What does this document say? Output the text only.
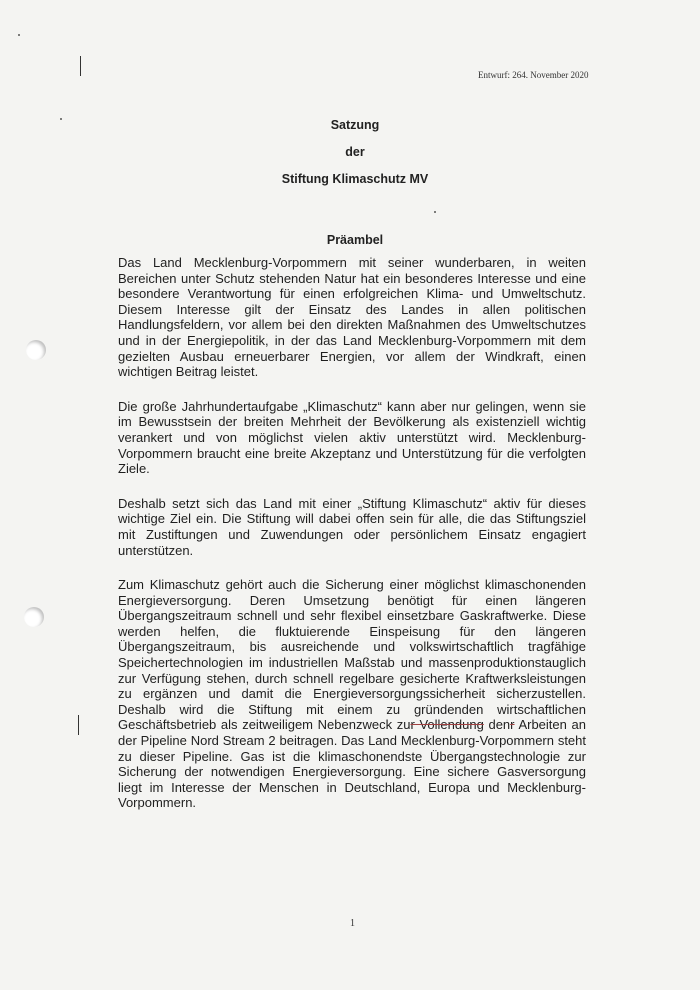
Entwurf: 264. November 2020
Satzung
der
Stiftung Klimaschutz MV
Präambel

Das Land Mecklenburg-Vorpommern mit seiner wunderbaren, in weiten Bereichen unter Schutz stehenden Natur hat ein besonderes Interesse und eine besondere Verantwortung für einen erfolgreichen Klima- und Umweltschutz. Diesem Interesse gilt der Einsatz des Landes in allen politischen Handlungsfeldern, vor allem bei den direkten Maßnahmen des Umweltschutzes und in der Energiepolitik, in der das Land Mecklenburg-Vorpommern mit dem gezielten Ausbau erneuerbarer Energien, vor allem der Windkraft, einen wichtigen Beitrag leistet.

Die große Jahrhundertaufgabe „Klimaschutz“ kann aber nur gelingen, wenn sie im Bewusstsein der breiten Mehrheit der Bevölkerung als existenziell wichtig verankert und von möglichst vielen aktiv unterstützt wird. Mecklenburg-Vorpommern braucht eine breite Akzeptanz und Unterstützung für die verfolgten Ziele.

Deshalb setzt sich das Land mit einer „Stiftung Klimaschutz“ aktiv für dieses wichtige Ziel ein. Die Stiftung will dabei offen sein für alle, die das Stiftungsziel mit Zustiftungen und Zuwendungen oder persönlichem Einsatz engagiert unterstützen.

Zum Klimaschutz gehört auch die Sicherung einer möglichst klimaschonenden Energieversorgung. Deren Umsetzung benötigt für einen längeren Übergangszeitraum schnell und sehr flexibel einsetzbare Gaskraftwerke. Diese werden helfen, die fluktuierende Einspeisung für den längeren Übergangszeitraum, bis ausreichende und volkswirtschaftlich tragfähige Speichertechnologien im industriellen Maßstab und massenproduktionstauglich zur Verfügung stehen, durch schnell regelbare gesicherte Kraftwerksleistungen zu ergänzen und damit die Energieversorgungssicherheit sicherzustellen. Deshalb wird die Stiftung mit einem zu gründenden wirtschaftlichen Geschäftsbetrieb als zeitweiligem Nebenzweck zur Vollendung denr Arbeiten an der Pipeline Nord Stream 2 beitragen. Das Land Mecklenburg-Vorpommern steht zu dieser Pipeline. Gas ist die klimaschonendste Übergangstechnologie zur Sicherung der notwendigen Energieversorgung. Eine sichere Gasversorgung liegt im Interesse der Menschen in Deutschland, Europa und Mecklenburg-Vorpommern.

1
